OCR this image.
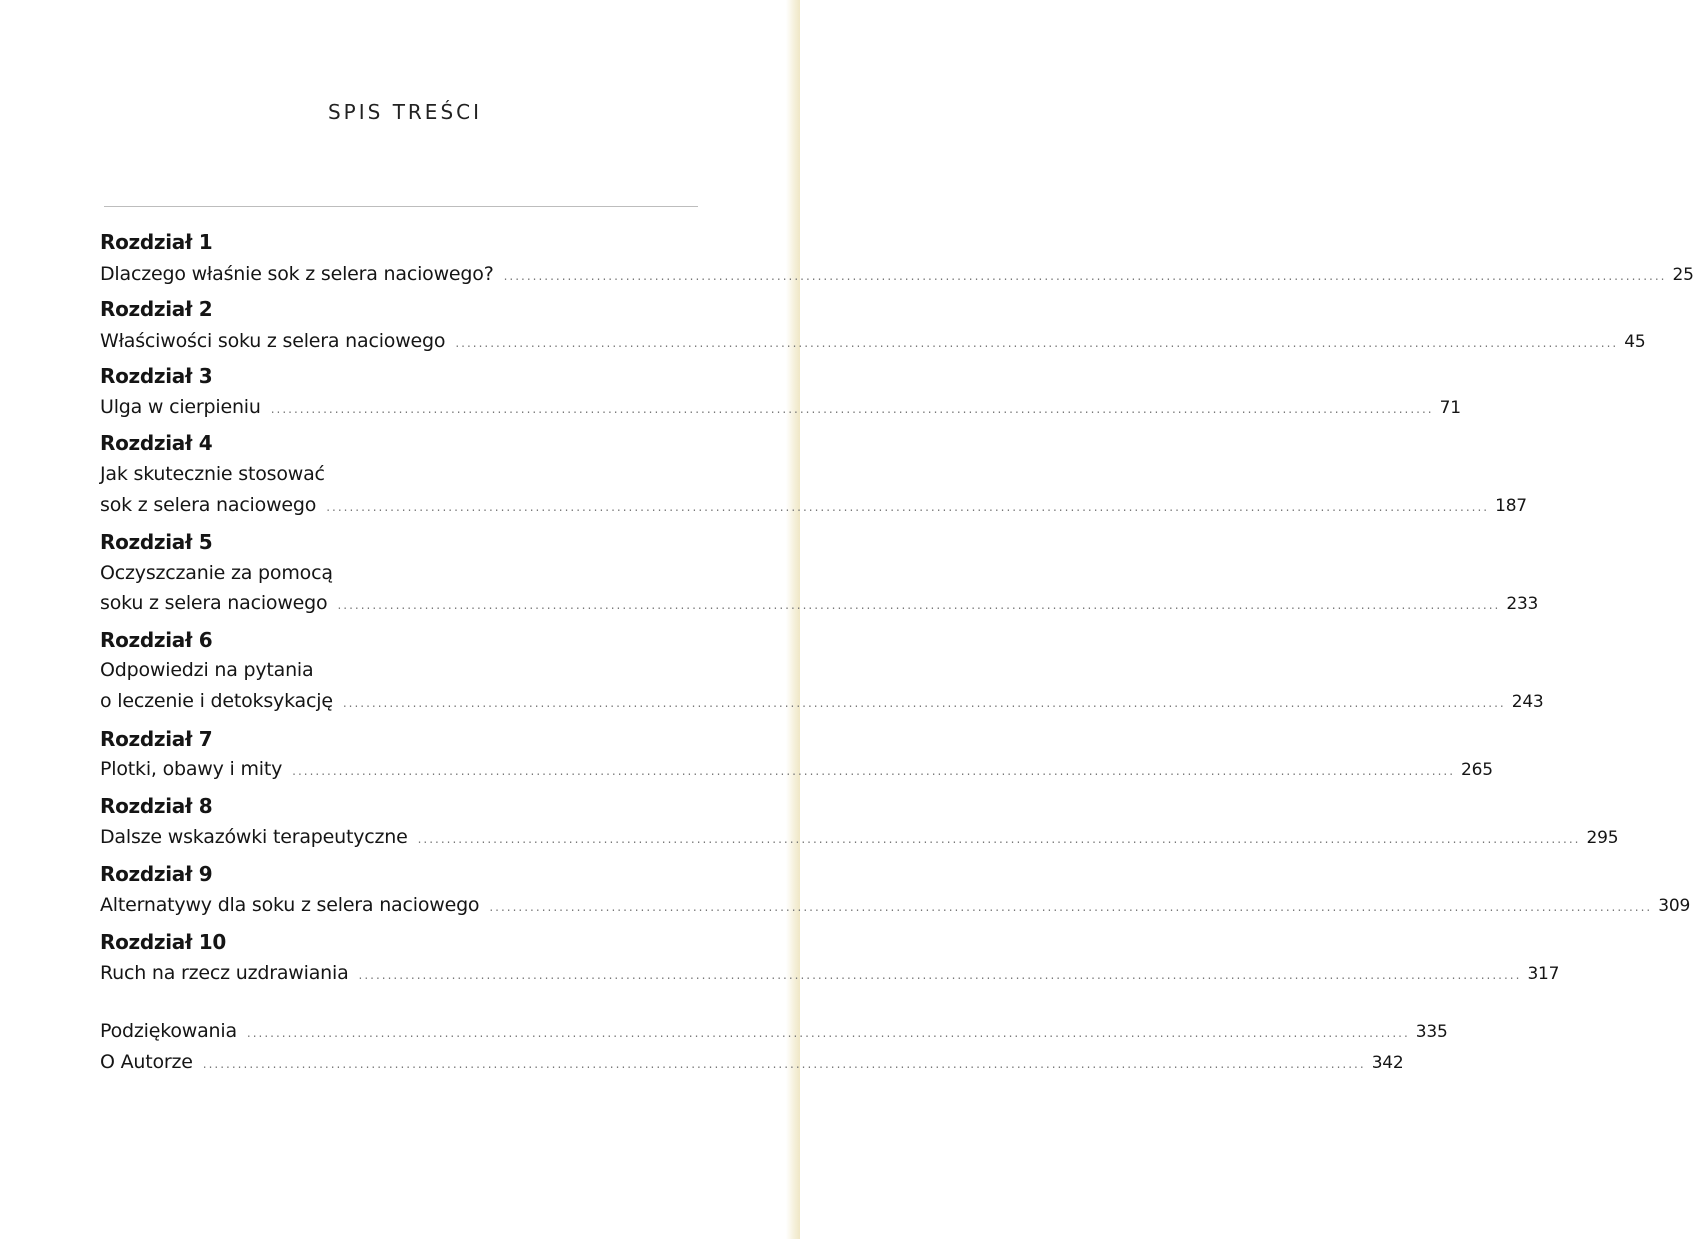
SPIS TREŚCI
Rozdział 1
Dlaczego właśnie sok z selera naciowego? ........................................................................................................................................................................................................ 25
Rozdział 2
Właściwości soku z selera naciowego ........................................................................................................................................................................................................ 45
Rozdział 3
Ulga w cierpieniu ........................................................................................................................................................................................................ 71
Rozdział 4
Jak skutecznie stosować
sok z selera naciowego ........................................................................................................................................................................................................ 187
Rozdział 5
Oczyszczanie za pomocą
soku z selera naciowego ........................................................................................................................................................................................................ 233
Rozdział 6
Odpowiedzi na pytania
o leczenie i detoksykację ........................................................................................................................................................................................................ 243
Rozdział 7
Plotki, obawy i mity ........................................................................................................................................................................................................ 265
Rozdział 8
Dalsze wskazówki terapeutyczne ........................................................................................................................................................................................................ 295
Rozdział 9
Alternatywy dla soku z selera naciowego ........................................................................................................................................................................................................ 309
Rozdział 10
Ruch na rzecz uzdrawiania ........................................................................................................................................................................................................ 317
Podziękowania ........................................................................................................................................................................................................ 335
O Autorze ........................................................................................................................................................................................................ 342
